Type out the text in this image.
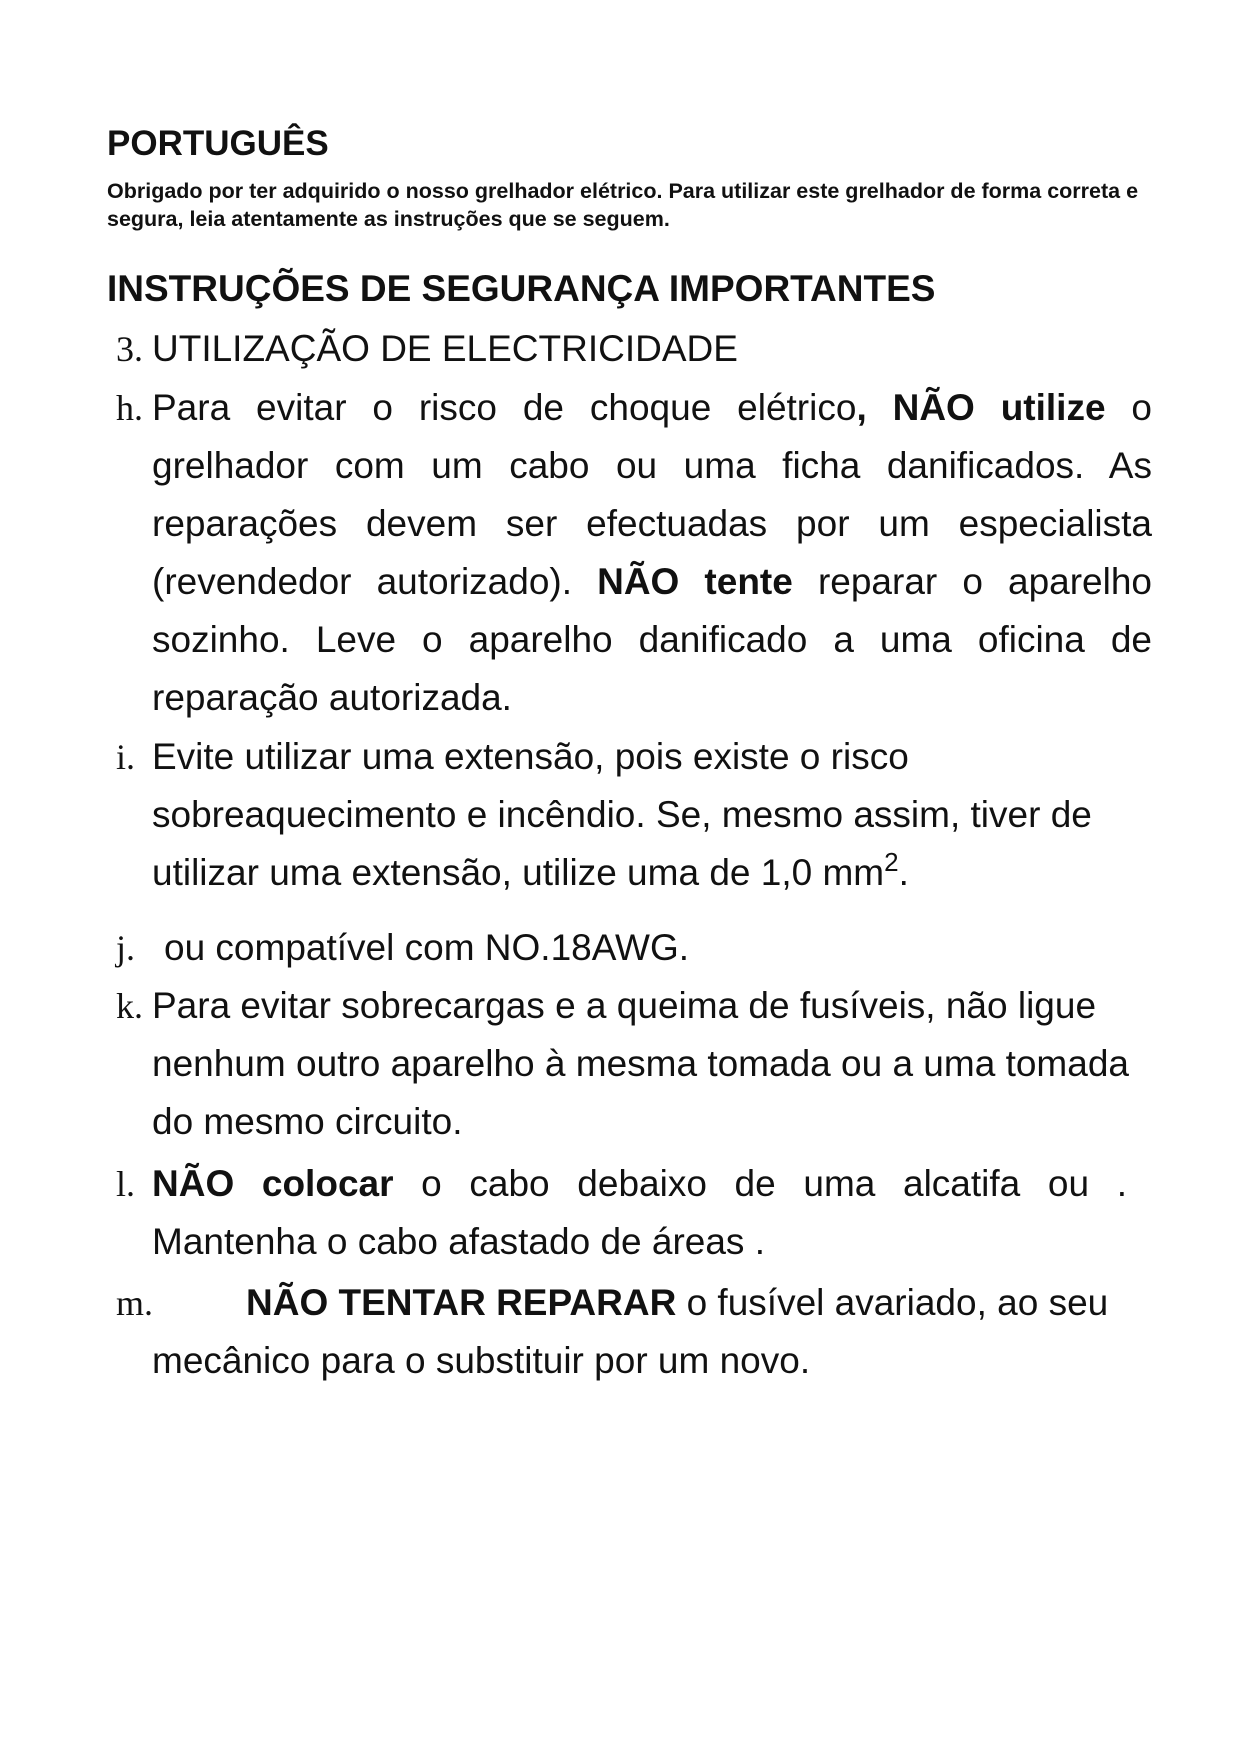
PORTUGUÊS

Obrigado por ter adquirido o nosso grelhador elétrico. Para utilizar este grelhador de forma correta e segura, leia atentamente as instruções que se seguem.

INSTRUÇÕES DE SEGURANÇA IMPORTANTES
3. UTILIZAÇÃO DE ELECTRICIDADE

h. Para evitar o risco de choque elétrico, NÃO utilize o grelhador com um cabo ou uma ficha danificados. As reparações devem ser efectuadas por um especialista (revendedor autorizado). NÃO tente reparar o aparelho sozinho. Leve o aparelho danificado a uma oficina de reparação autorizada.

i. Evite utilizar uma extensão, pois existe o risco sobreaquecimento e incêndio. Se, mesmo assim, tiver de utilizar uma extensão, utilize uma de 1,0 $mm^2$.

j. ou compatível com NO.18AWG.

k. Para evitar sobrecargas e a queima de fusíveis, não ligue nenhum outro aparelho à mesma tomada ou a uma tomada do mesmo circuito.

l. NÃO colocar o cabo debaixo de uma alcatifa ou . Mantenha o cabo afastado de áreas .

m.	NÃO TENTAR REPARAR o fusível avariado, ao seu mecânico para o substituir por um novo.
